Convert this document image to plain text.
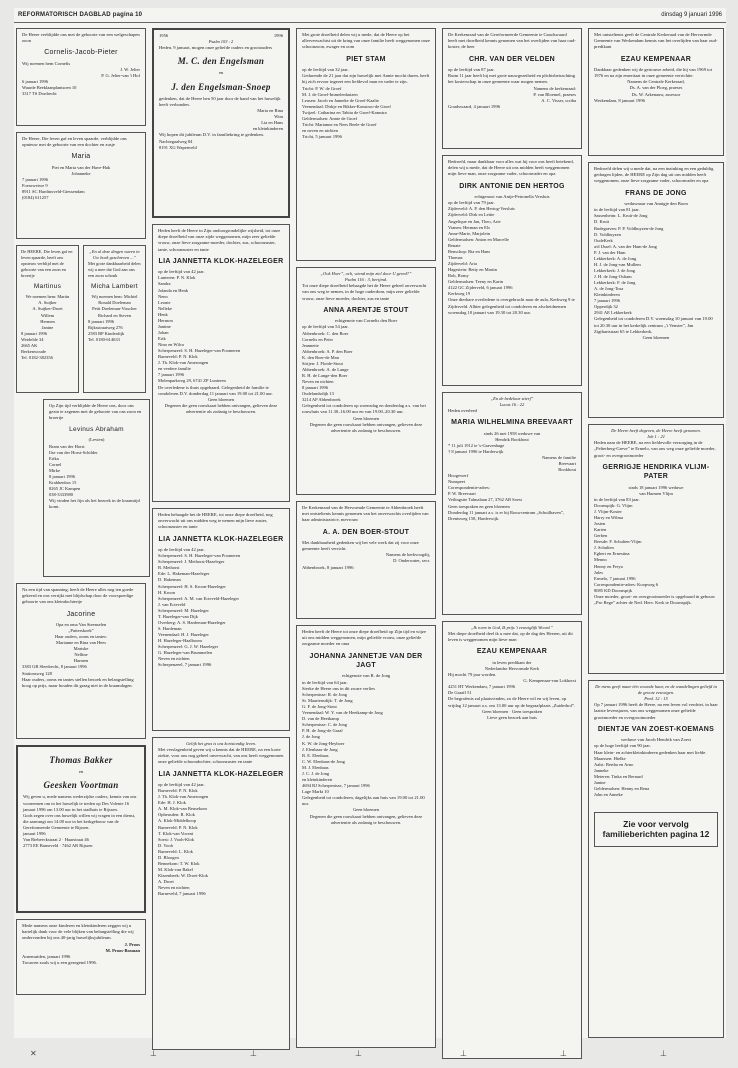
REFORMATORISCH DAGBLAD pagina 10	dinsdag 9 januari 1996
De Heere verblijdde ons met de geboorte van een welgeschapen zoon
Cornelis-Jacob-Pieter
Wij noemen hem Cornelis
J. W. Jelier
P. G. Jelier-van 't Hof
6 januari 1996
Waarde Beeklaanplantsoen 10
3317 TS Dordrecht
De Heere, Die leven gaf en leven spaarde, verblijdde ons opnieuw met de geboorte van een dochter en zusje
Maria
Piet en Maria van der Have-Hak
Johanneke
7 januari 1996
Foeseweiwe 9
8911 SC Hardinxveld-Giessendam
(0184) 611257
De HEERE, Die leven gaf en leven spaarde, heeft ons opnieuw verblijd met de geboorte van een zoon en broertje
Martinus
We noemen hem: Martin
A. Suijker
A. Suijker-Droet
Willem
Hermen
Janine
8 januari 1996
Weidelde 34
2665 AK
Berkenwoude
Tel. 0182-382356
„En al deze dingen waren in Uw boek geschreven ...”
Met grote dankbaarheid delen wij u mee dat God aan ons een zoon schonk
Micha Lambert
Wij noemen hem: Michiel
Ronald Doeleman
Petit Doeleman-Visscher
Richard en Steven
8 januari 1996
Rijksstraatweg 276
2583 BP Kinderdijk
Tel. 0180-614633
Op Zijn tijd verblijdde de Heere ons, door ons gezin te zegenen met de geboorte van ons zoon en broertje
Levinus Abraham
(Levien)
Bram van der Horst
Ilse van der Horst-Schilder
Erika
Cornel
Mirke
8 januari 1996
Krabbenbos 15
8265 JC Kampen
038-3333980
Wij vinden het fijn als het bezoek in de kraamtijd komt.
Na een tijd van spanning, heeft de Heere alles nog ten goede gekeerd en ons verrijkt met blijdschap door de voorspoedige geboorte van ons kleindochtertje
Jacorine
Opa en oma Van Steenselen
„Putterskoek”
Haar ouders, ooms en tantes:
Marianne en Rina van Hees
Mariske
Nelline
Harmen
3383 GB Sleedrecht, 8 januari 1996
Stationsweg 128
Haar ouders, ooms en tantes stellen bezoek en belangstelling hoog op prijs, maar houden dit graag niet in de kraamdagen.
Thomas Bakker
en
Geesken Voortman
Wij geven u, mede namens wederzijdse ouders, kennis van ons voornemen om in het huwelijk te treden op Des Volente 16 januari 1996 om 13.00 uur in het stadhuis te Rijssen.
Gods zegen over ons huwelijk willen wij vragen in een dienst, die aanvangt om 14.00 uur in het kerkgebouw van de Gereformeerde Gemeente te Rijssen.
januari 1996
Van Riebeeckstraat 2 · Haarstraat 46
2773 EE Barneveld · 7462 AR Rijssen
Mede namens onze kinderen en kleinkinderen zeggen wij u hartelijk dank voor de vele blijken van belangstelling die wij ondervonden bij ons 40-jarig huwelijksjubileum.
J. Proos
M. Proos-Bosman
Arnemuiden, januari 1996
Trouwen zoals wij u een gezegend 1996.
1956	1996
Psalm 103 : 2
Heden, 9 januari, mogen onze geliefde ouders en grootouders
M. C. den Engelsman
en
J. den Engelsman-Snoep
gedenken, dat de Heere hen 50 jaar door de band van het huwelijk heeft verbonden.
Maria en Rina
Wim
Lia en Hans
en kleinkinderen
Wij hopen dit jubileum D.V. in familiekring te gedenken.
Nachtegaalweg 84
8191 XG Wapenveld
Heden heeft de Heere in Zijn ondoorgrondelijke wijsheid, tot onze diepe droefheid van onze zijde weggenomen, mijn zeer geliefde vrouw, onze lieve zorgzame moeder, dochter, zus, schoonzuster, tante, schoonzuster en tante
LIA JANNETTA KLOK-HAZELEGER
op de leeftijd van 42 jaar.
Lunteren: P. N. Klok
Sandra
Jolanda en Henk
Neno
Leonie
Nelleke
Henk
Hermon
Jantine
Johan
Erik
Nino en Wilco
Scherpenzeel: S. H. Hazeleger-van Poomeren
Barneveld: P. N. Klok
J. Th. Klok-van Amerongen
en verdere familie
7 januari 1996
Molenparkweg 29, 6741 ZP Lunteren
De overledene is thuis opgebaard. Gelegenheid de familie te condoleren D.V. donderdag 11 januari van 19.00 tot 21.00 uur.
Geen bloemen
Degenen die geen rouwkaart hebben ontvangen, gelieven deze advertentie als zodanig te beschouwen.
Heden behaagde het de HEERE, tot onze diepe droefheid, nog onverwacht uit ons midden weg te nemen mijn lieve zuster, schoonzuster en tante
LIA JANNETTA KLOK-HAZELEGER
op de leeftijd van 42 jaar.
Scherpenzeel: S. H. Hazeleger-van Poomeren
Scherpenzeel: J. Methorst-Hazeleger
B. Methorst
Ede: L. Hakeman-Hazeleger
D. Hakeman
Scherpenzeel: H. S. Kroon-Hazeleger
H. Kroon
Scherpenzeel: A. M. van Ecteveld-Hazeleger
J. van Ecteveld
Scherpenzeel: M. Hazeleger
T. Hazeleger-van Dijk
Overberg: A. S. Hardeman-Hazeleger
S. Hardeman
Veenendaal: H. J. Hazeleger
H. Hazeleger-Haalboom
Scherpenzeel: G. J. W. Hazeleger
G. Hazeleger-van Brummelen
Neven en nichten
Scherpenzeel, 7 januari 1996
Gelijk het gras is ons kortstondig leven.
Met verslagenheid geven wij u kennis dat de HEERE, na een korte ziekte, voor ons nog geheel onverwacht, van ons heeft weggenomen onze geliefde schoondochter, schoonzuster en tante
LIA JANNETTA KLOK-HAZELEGER
op de leeftijd van 42 jaar.
Barneveld: P. N. Klok
J. Th. Klok-van Amerongen
Ede: H. J. Klok
A. M. Klok-van Beusekom
Opheusden: R. Klok
A. Klok-Middelkoop
Barneveld: P. N. Klok
T. Klok-van Vocent
Soest: J. Vooh-Klok
D. Vooh
Barneveld: L. Klok
D. Bloogen
Bennekom: T. W. Klok
M. Klok-van Bakel
Klarenbeek: W. Droet-Klok
A. Droet
Neven en nichten
Barneveld, 7 januari 1996
Met grote droefheid delen wij u mede, dat de Heere op het allerverwachtst uit de kring van onze familie heeft weggenomen onze schoonzoon, zwager en oom
PIET STAM
op de leeftijd van 32 jaar.
Gedurende de 21 jaar dat zijn huwelijk met Annie mocht duren, heeft hij zich ervoor ingezet een liefdevol man en vader te zijn.
Tricht: P. W. de Groef
M. J. de Groef-Immelenhuizen
Leusen: Jacob en Janneke de Groef-Kaalte
Veenendaal: Dirkje en Bikker-Konstroo-de Groef
Twijzel: Catharina en Tabita de Groef-Kamstra
Geldermalsen: Annie de Groef
Tricht: Marianne en Nees Beele-de Groef
en neven en nichten
Tricht, 5 januari 1996
„Ook Hoer”, och, wiend mijn ziel door U gered?”
Psalm 116 : 3, berijmd.
Tot onze diepe droefheid behaagde het de Heere geheel onverwacht van ons weg te nemen, in de hoge ouderdom, mijn zeer geliefde vrouw, onze lieve moeder, dochter, zus en tante
ANNA ARENTJE STOUT
echtgenote van Cornelis den Boer
op de leeftijd van 54 jaar.
Abbenbroek: C. den Boer
Cornelis en Peter
Jeannette
Abbenbroek: A. P. den Boer
K. den Boer-de Man
Strijen: J. Floide-Stout
Abbenbroek: A. de Lange
R. H. de Lange-den Boer
Neven en nichten
8 januari 1996
Oudelandsdijk 13
3214 AP Abbenbroek
Gelegenheid tot condoleren op woensdag en donderdag a.s. van het rouwhuis van 11.30–16.00 uur en van 19.00–20.30 uur.
Geen bloemen
Degenen die geen rouwkaart hebben ontvangen, gelieven deze advertentie als zodanig te beschouwen.
De Kerkenraad van de Hervormde Gemeente te Abbenbroek heeft met ontsteltenis kennis genomen van het onverwachts overlijden van haar administratrice, mevrouw
A. A. DEN BOER-STOUT
Met dankbaarheid gedenken wij het vele werk dat zij voor onze gemeente heeft verricht.
Namens de kerkvoogdij,
D. Onderwater, secr.
Abbenbroek, 8 januari 1996
Heden heeft de Heere tot onze diepe droefheid op Zijn tijd en wijze uit ons midden weggenomen, mijn geliefde vrouw, onze geliefde zorgzame moeder en oma
JOHANNA JANNETJE VAN DER JAGT
echtgenote van R. de Jong
in de leeftijd van 64 jaar.
Sterke de Heere ons in dit zware verlies
Scherpenisse: R. de Jong
St. Maartensdijk: T. de Jong
G. F. de Jong-Stout
Veenendaal: W. Y. van de Heetkamp-de Jong
D. van de Heetkamp
Scherpenisse: C. de Jong
P. H. de Jong-de Graaf
J. de Jong
K. W. de Jong-Heyboer
J. Elenbaas-de Jong
B. E. Elenbaas
C. W. Elenbaas-de Jong
M. J. Elenbaas
J. C. J. de Jong
en kleinkinderen
4694 BJ Scherpenisse, 7 januari 1996
Lage Markt 10
Gelegenheid tot condoleren, dagelijks aan huis van 19.00 tot 21.00 uur.
Geen bloemen
Degenen die geen rouwkaart hebben ontvangen, gelieven deze advertentie als zodanig te beschouwen.
De Kerkenraad van de Gereformeerde Gemeente te Goudswaard heeft met droefheid kennis genomen van het overlijden van haar oud-koster, de heer
CHR. VAN DER VELDEN
op de leeftijd van 87 jaar.
Ruim 11 jaar heeft hij met grote nauwgezetheid en plichtsbetrachting het kosterschap in onze gemeente waar mogen nemen.
Namens de kerkenraad:
P. van Bloemel, praeses
A. C. Visser, scriba
Goudswaard, 4 januari 1996
Bedroefd, maar dankbaar voor alles wat hij voor ons heeft betekend, delen wij u mede, dat de Heere uit ons midden heeft weggenomen mijn lieve man, onze zorgzame vader, schoonvader en opa
DIRK ANTONIE DEN HERTOG
echtgenoot van Antje-Petronella Versluis
op de leeftijd van 79 jaar.
Zijderveld: A. P. den Hertog-Versluis
Zijderveld: Dirk en Lettie
Angelique en Jan, Theo, Arie
Vianen: Herman en Els
Anne-Marie, Marjolein
Geldermalsen: Anton en Marcelle
Renate
Benschop: Ria en Hans
Thomas
Zijderveld: Aria
Hagestein: Betty en Martin
Bob, Romy
Geldermalsen: Teeny en Karin
4122 GC Zijderveld, 6 januari 1996
Kerkweg 19
Onze dierbare overledene is overgebracht naar de aula, Kerkweg 9 te Zijderveld. Alhier gelegenheid tot condoleren en afscheidnemen woensdag 10 januari van 19.30 tot 20.30 uur.
„En de bedelaar stierf”
Lucas 16 : 22
Heden overleed
MARIA WILHELMINA BREEVAART
sinds 26 mei 1958 weduwe van
Hendrik Bookhout
* 11 juli 1912 te 's-Gravenhage
† 8 januari 1996 te Harderwijk
Namens de familie
Breevaart
Bookhout
Hoogewerf
Nunspeet
Correspondentie-adres:
P. W. Breevaart
Veilingsite Talmalaan 27, 3762 AB Soest
Geen toespraken en geen bloemen
Donderdag 11 januari a.s. is er bij Rouwcentrum „Schuilhaven”, Drentsweg 158, Harderwijk.
„Ik roem in God, Ik prijs 't eeuwiglijk Woord.”
Met diepe droefheid deel ik u mee dat, op de dag des Heeren, uit dit leven is weggenomen mijn lieve man
EZAU KEMPENAAR
in leven predikant der
Nederlandse Hervormde Kerk
Hij mocht 79 jaar worden.
G. Kempenaar-van Lokhorst
4251 HT Werkendam, 7 januari 1996
De Graaff 51
De begrafenis zal plaatsvinden, zo de Heere wil en wij leven, op vrijdag 12 januari a.s. om 13.00 uur op de begraafplaats „Zuiderhof”.
Geen bloemen · Geen toespraken
Lieve geen bezoek aan huis
Met ontsteltenis geeft de Centrale Kerkeraad van de Hervormde Gemeente van Werkendam kennis van het overlijden van haar oud-predikant
EZAU KEMPENAAR
Dankbaar gedenken wij de getrouwe arbeid, die hij van 1969 tot 1976 en na zijn emeritaat in onze gemeente verrichtte.
Namens de Centrale Kerkeraad,
Ds. A. van der Ploeg, praeses
Ds. W. Arkenauw, assessor
Werkendam, 8 januari 1996
Bedroefd delen wij u mede dat, na een inzinking en een geduldig gedragen lijden, de HEERE op Zijn dag uit ons midden heeft weggenomen, onze lieve zorgzame vader, schoonvader en opa
FRANS DE JONG
weduwnaar van Annigje den Boon
in de leeftijd van 81 jaar.
Sassenheim: L. Kruit-de Jong
D. Kruit
Budegraven: P. P. Voldhuyzen-de Jong
D. Voldhuyzen
OudeKerk
a/d IJssel: A. van der Ham-de Jong
P. J. van der Ham
Lekkerkerk: A. de Jong
H. J. de Jong-van Mullem
Lekkerkerk: J. de Jong
J. H. de Jong-Osham
Lekkerkerk: F. de Jong
A. de Jong-Tosa
Kleinkinderen
7 januari 1996
Opperdijk 32
2941 AE Lekkerkerk
Gelegenheid tot condoleren D.V. woensdag 10 januari van 19.00 tot 20.30 uur in het kerkelijk centrum „'t Venster”, Jan Zigthartstraat 65 te Lekkerkerk.
Geen bloemen
De Heere heeft degeven, de Heere heeft genomen.
Job 1 : 21
Heden nam de HEERE, na een liefdevolle verzorging in de „Pelterberg-Greve” te Ermelo, van ons weg onze geliefde moeder, groot- en overgrootmoeder
GERRIGJE HENDRIKA VLIJM-PATER
sinds 18 januari 1996 weduwe
van Harmen Vlijm
in de leeftijd van 83 jaar.
Doornspijk: G. Vlijm
J. Vlijm-Koster
Harry en Wilma
Josien
Karien
Gerben
Beesde: F. Schulten-Vlijm
J. Schulten
Egbert en Ernestina
Menno
Henny en Freya
Jules
Ermelo, 7 januari 1996
Correspondentie-adres: Koopweg 6
8085 KD Doornspijk
Onze moeder, groot- en overgrootmoeder is opgebaard in gebouw „Pro Rege” achter de Ned. Herv. Kerk te Doornspijk.
De mens geeft maar één woonde haar, en de wandelingen geliefd in de groote eeuwigen.
Pred. 12 : 15
Op 7 januari 1996 heeft de Heere, na een leven vol verdriet, in haar laatste levensjaren, van ons weggenomen onze geliefde grootmoeder en overgrootmoeder
DIENTJE VAN ZOEST-KOEMANS
weduwe van Jacob Hendrik van Zoest
op de hoge leeftijd van 90 jaar.
Haar klein- en achterkleinkinderen gedenken haar met liefde.
Maarssen: Hielke
Aalst: Bertha en Arno
Janneke
Meteren: Tinka en Bernard
Janine
Geldermalsen: Henny en Bena
John en Anneke
Zie voor vervolg
familieberichten pagina 12
✕	⊥	⊥	⊥	⊥	⊥	⊥
